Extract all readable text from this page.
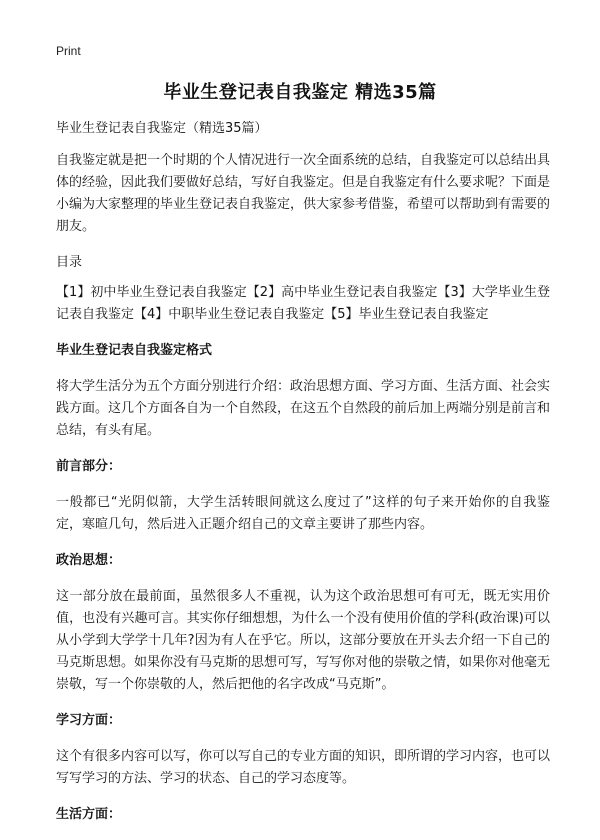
Print
毕业生登记表自我鉴定 精选35篇

毕业生登记表自我鉴定（精选35篇）

自我鉴定就是把一个时期的个人情况进行一次全面系统的总结，自我鉴定可以总结出具体的经验，因此我们要做好总结，写好自我鉴定。但是自我鉴定有什么要求呢？下面是小编为大家整理的毕业生登记表自我鉴定，供大家参考借鉴，希望可以帮助到有需要的朋友。

目录

【1】初中毕业生登记表自我鉴定【2】高中毕业生登记表自我鉴定【3】大学毕业生登记表自我鉴定【4】中职毕业生登记表自我鉴定【5】毕业生登记表自我鉴定

毕业生登记表自我鉴定格式

将大学生活分为五个方面分别进行介绍：政治思想方面、学习方面、生活方面、社会实践方面。这几个方面各自为一个自然段，在这五个自然段的前后加上两端分别是前言和总结，有头有尾。

前言部分：

一般都已“光阴似箭，大学生活转眼间就这么度过了”这样的句子来开始你的自我鉴定，寒暄几句，然后进入正题介绍自己的文章主要讲了那些内容。

政治思想：

这一部分放在最前面，虽然很多人不重视，认为这个政治思想可有可无，既无实用价值，也没有兴趣可言。其实你仔细想想，为什么一个没有使用价值的学科(政治课)可以从小学到大学学十几年?因为有人在乎它。所以，这部分要放在开头去介绍一下自己的马克斯思想。如果你没有马克斯的思想可写，写写你对他的崇敬之情，如果你对他毫无崇敬，写一个你崇敬的人，然后把他的名字改成“马克斯”。

学习方面：

这个有很多内容可以写，你可以写自己的专业方面的知识，即所谓的学习内容，也可以写写学习的方法、学习的状态、自己的学习态度等。

生活方面：
